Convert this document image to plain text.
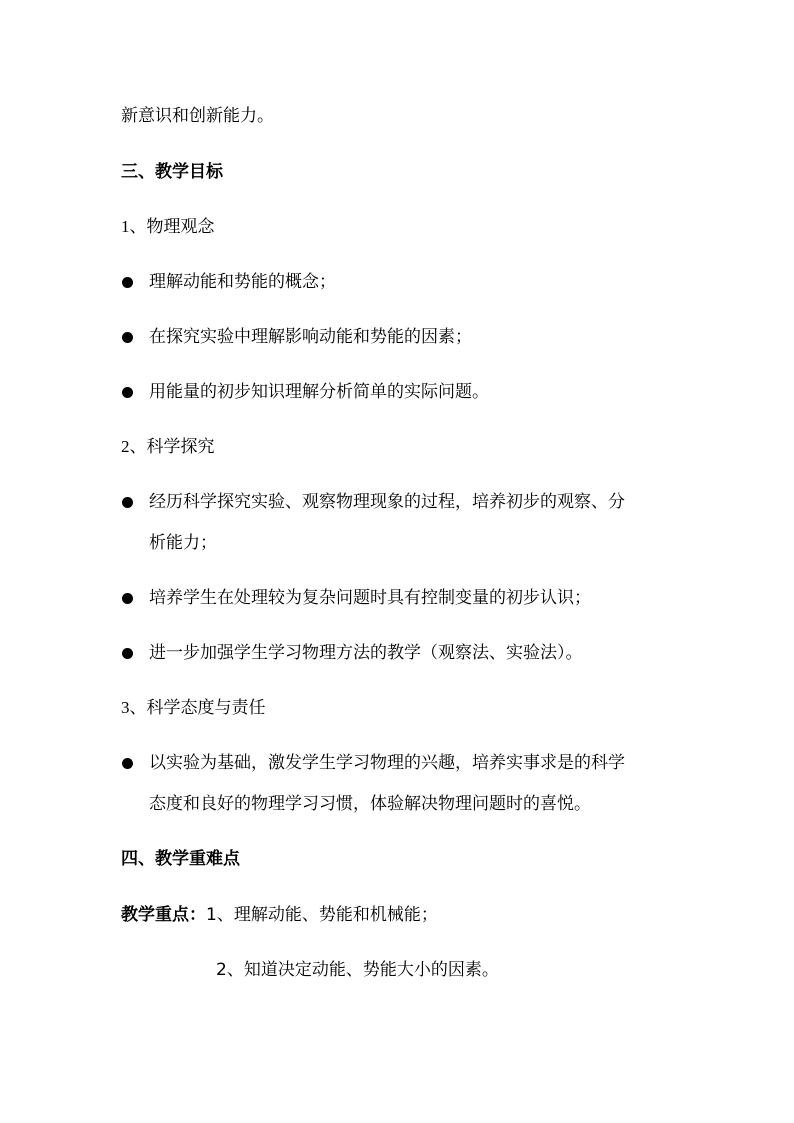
新意识和创新能力。
三、教学目标
1、物理观念
理解动能和势能的概念；
在探究实验中理解影响动能和势能的因素；
用能量的初步知识理解分析简单的实际问题。
2、科学探究
经历科学探究实验、观察物理现象的过程，培养初步的观察、分
析能力；
培养学生在处理较为复杂问题时具有控制变量的初步认识；
进一步加强学生学习物理方法的教学（观察法、实验法）。
3、科学态度与责任
以实验为基础，激发学生学习物理的兴趣，培养实事求是的科学
态度和良好的物理学习习惯，体验解决物理问题时的喜悦。
四、教学重难点
教学重点：1、理解动能、势能和机械能；
2、知道决定动能、势能大小的因素。
